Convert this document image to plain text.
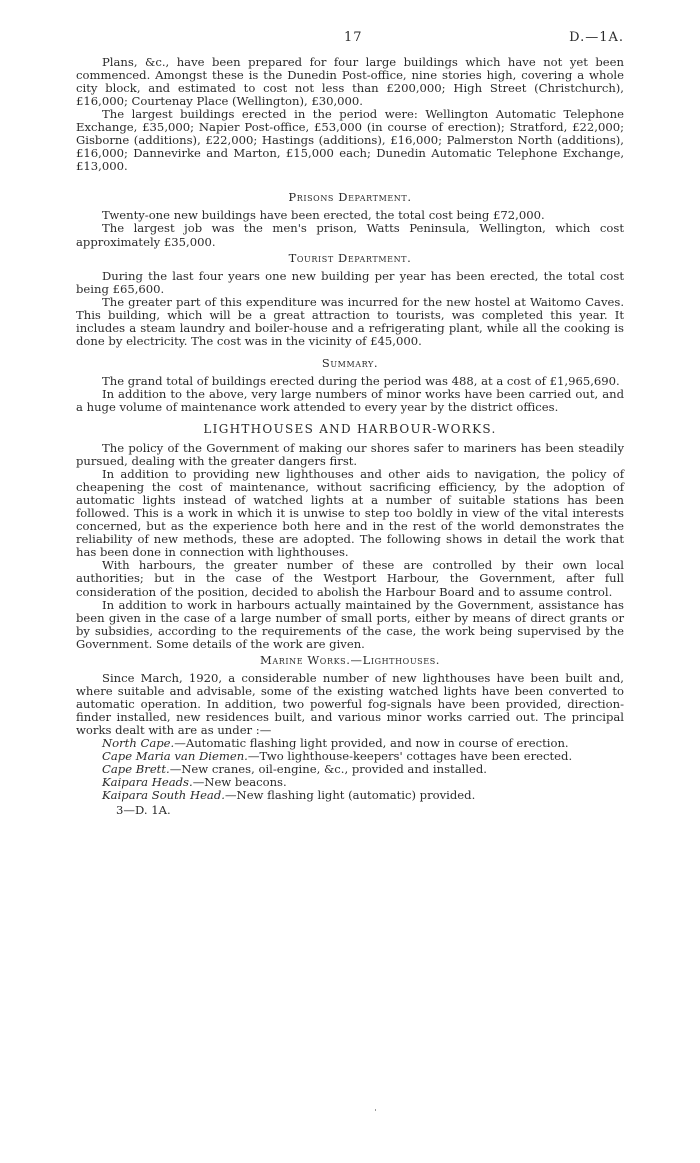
17	D.—1A.

Plans, &c., have been prepared for four large buildings which have not yet been commenced. Amongst these is the Dunedin Post-office, nine stories high, covering a whole city block, and estimated to cost not less than £200,000; High Street (Christchurch), £16,000; Courtenay Place (Wellington), £30,000.

The largest buildings erected in the period were: Wellington Automatic Telephone Exchange, £35,000; Napier Post-office, £53,000 (in course of erection); Stratford, £22,000; Gisborne (additions), £22,000; Hastings (additions), £16,000; Palmerston North (additions), £16,000; Dannevirke and Marton, £15,000 each; Dunedin Automatic Telephone Exchange, £13,000.

Prisons Department.

Twenty-one new buildings have been erected, the total cost being £72,000.

The largest job was the men's prison, Watts Peninsula, Wellington, which cost approximately £35,000.

Tourist Department.

During the last four years one new building per year has been erected, the total cost being £65,600.

The greater part of this expenditure was incurred for the new hostel at Waitomo Caves. This building, which will be a great attraction to tourists, was completed this year. It includes a steam laundry and boiler-house and a refrigerating plant, while all the cooking is done by electricity. The cost was in the vicinity of £45,000.

Summary.

The grand total of buildings erected during the period was 488, at a cost of £1,965,690.

In addition to the above, very large numbers of minor works have been carried out, and a huge volume of maintenance work attended to every year by the district offices.

LIGHTHOUSES AND HARBOUR-WORKS.

The policy of the Government of making our shores safer to mariners has been steadily pursued, dealing with the greater dangers first.

In addition to providing new lighthouses and other aids to navigation, the policy of cheapening the cost of maintenance, without sacrificing efficiency, by the adoption of automatic lights instead of watched lights at a number of suitable stations has been followed. This is a work in which it is unwise to step too boldly in view of the vital interests concerned, but as the experience both here and in the rest of the world demonstrates the reliability of new methods, these are adopted. The following shows in detail the work that has been done in connection with lighthouses.

With harbours, the greater number of these are controlled by their own local authorities; but in the case of the Westport Harbour, the Government, after full consideration of the position, decided to abolish the Harbour Board and to assume control.

In addition to work in harbours actually maintained by the Government, assistance has been given in the case of a large number of small ports, either by means of direct grants or by subsidies, according to the requirements of the case, the work being supervised by the Government. Some details of the work are given.

Marine Works.—Lighthouses.

Since March, 1920, a considerable number of new lighthouses have been built and, where suitable and advisable, some of the existing watched lights have been converted to automatic operation. In addition, two powerful fog-signals have been provided, direction-finder installed, new residences built, and various minor works carried out. The principal works dealt with are as under :—

North Cape.—Automatic flashing light provided, and now in course of erection.
Cape Maria van Diemen.—Two lighthouse-keepers' cottages have been erected.
Cape Brett.—New cranes, oil-engine, &c., provided and installed.
Kaipara Heads.—New beacons.
Kaipara South Head.—New flashing light (automatic) provided.
3—D. 1A.
